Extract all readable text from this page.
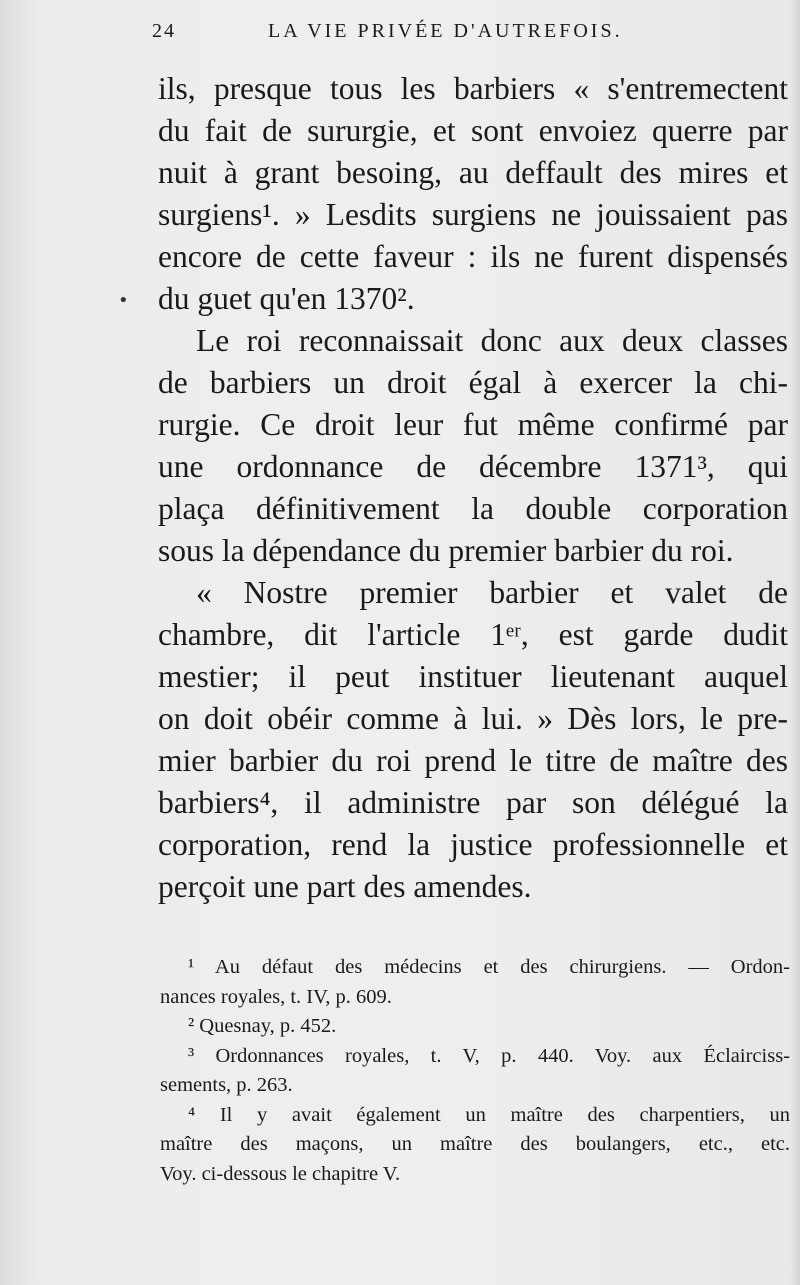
24	LA VIE PRIVÉE D'AUTREFOIS.
•

ils, presque tous les barbiers « s'entremectent
du fait de sururgie, et sont envoiez querre par
nuit à grant besoing, au deffault des mires et
surgiens¹. » Lesdits surgiens ne jouissaient pas
encore de cette faveur : ils ne furent dispensés
du guet qu'en 1370².

Le roi reconnaissait donc aux deux classes
de barbiers un droit égal à exercer la chi-
rurgie. Ce droit leur fut même confirmé par
une ordonnance de décembre 1371³, qui
plaça définitivement la double corporation
sous la dépendance du premier barbier du roi.

« Nostre premier barbier et valet de
chambre, dit l'article 1ᵉʳ, est garde dudit
mestier; il peut instituer lieutenant auquel
on doit obéir comme à lui. » Dès lors, le pre-
mier barbier du roi prend le titre de maître des
barbiers⁴, il administre par son délégué la
corporation, rend la justice professionnelle et
perçoit une part des amendes.

¹ Au défaut des médecins et des chirurgiens. — Ordon-
nances royales, t. IV, p. 609.
² Quesnay, p. 452.
³ Ordonnances royales, t. V, p. 440. Voy. aux Éclairciss-
sements, p. 263.
⁴ Il y avait également un maître des charpentiers, un
maître des maçons, un maître des boulangers, etc., etc.
Voy. ci-dessous le chapitre V.
